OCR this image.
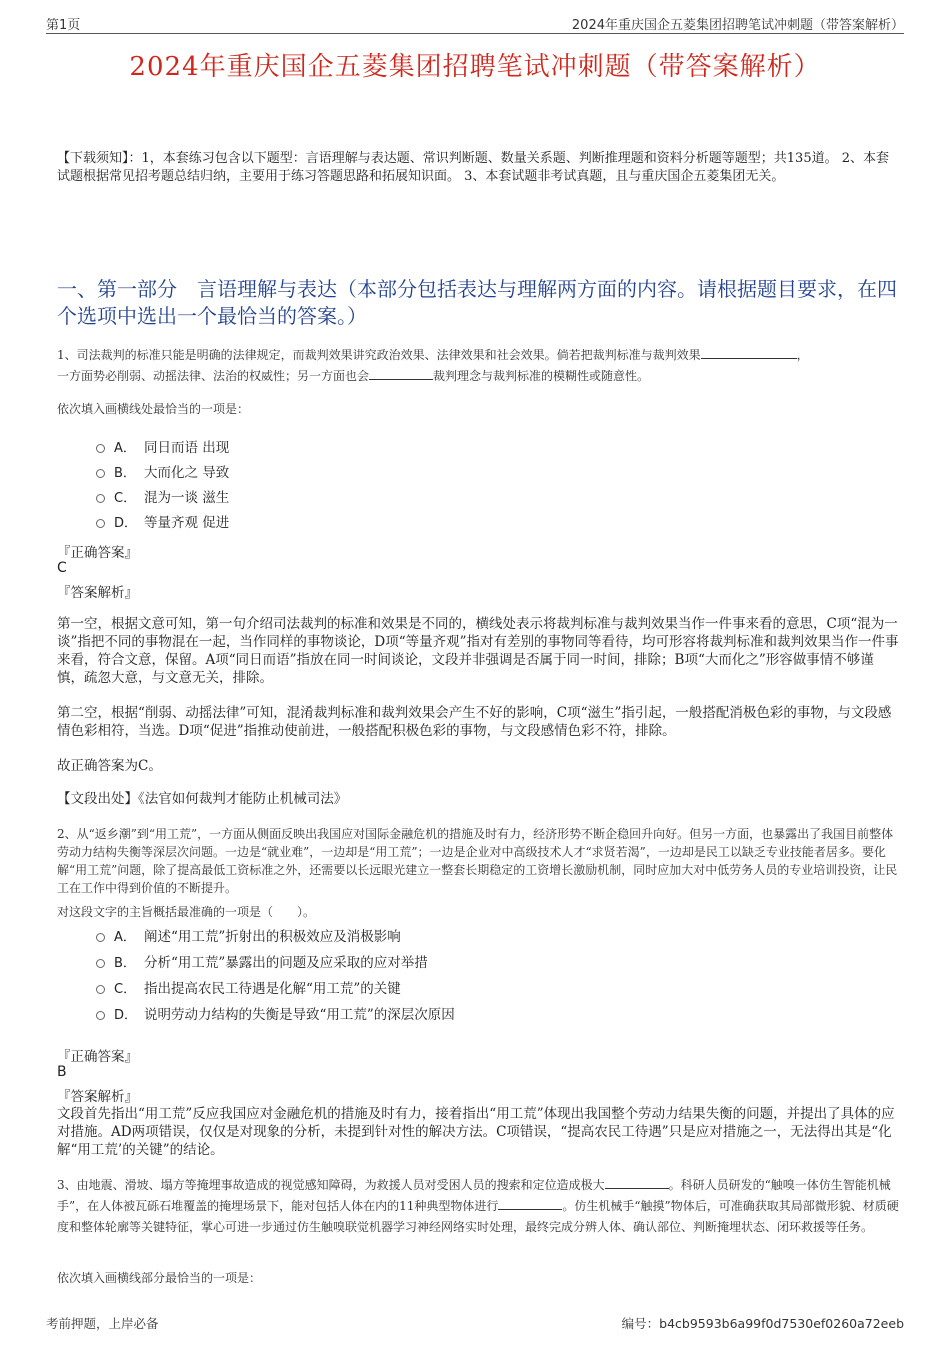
第1页	2024年重庆国企五菱集团招聘笔试冲刺题（带答案解析）
2024年重庆国企五菱集团招聘笔试冲刺题（带答案解析）
【下载须知】：1，本套练习包含以下题型：言语理解与表达题、常识判断题、数量关系题、判断推理题和资料分析题等题型；共135道。 2、本套试题根据常见招考题总结归纳，主要用于练习答题思路和拓展知识面。 3、本套试题非考试真题，且与重庆国企五菱集团无关。
一、第一部分　言语理解与表达（本部分包括表达与理解两方面的内容。请根据题目要求，在四个选项中选出一个最恰当的答案。）
1、司法裁判的标准只能是明确的法律规定，而裁判效果讲究政治效果、法律效果和社会效果。倘若把裁判标准与裁判效果	，
一方面势必削弱、动摇法律、法治的权威性；另一方面也会	裁判理念与裁判标准的模糊性或随意性。
依次填入画横线处最恰当的一项是：
A． 同日而语 出现
B． 大而化之 导致
C． 混为一谈 滋生
D． 等量齐观 促进
『正确答案』
C
『答案解析』
第一空，根据文意可知，第一句介绍司法裁判的标准和效果是不同的，横线处表示将裁判标准与裁判效果当作一件事来看的意思，C项“混为一谈”指把不同的事物混在一起，当作同样的事物谈论，D项“等量齐观”指对有差别的事物同等看待，均可形容将裁判标准和裁判效果当作一件事来看，符合文意，保留。A项“同日而语”指放在同一时间谈论，文段并非强调是否属于同一时间，排除；B项“大而化之”形容做事情不够谨慎，疏忽大意，与文意无关，排除。
第二空，根据“削弱、动摇法律”可知，混淆裁判标准和裁判效果会产生不好的影响，C项“滋生”指引起，一般搭配消极色彩的事物，与文段感情色彩相符，当选。D项“促进”指推动使前进，一般搭配积极色彩的事物，与文段感情色彩不符，排除。
故正确答案为C。
【文段出处】《法官如何裁判才能防止机械司法》
2、从“返乡潮”到“用工荒”，一方面从侧面反映出我国应对国际金融危机的措施及时有力，经济形势不断企稳回升向好。但另一方面，也暴露出了我国目前整体劳动力结构失衡等深层次问题。一边是“就业难”，一边却是“用工荒”；一边是企业对中高级技术人才“求贤若渴”，一边却是民工以缺乏专业技能者居多。要化解“用工荒”问题，除了提高最低工资标准之外，还需要以长远眼光建立一整套长期稳定的工资增长激励机制，同时应加大对中低劳务人员的专业培训投资，让民工在工作中得到价值的不断提升。
对这段文字的主旨概括最准确的一项是（　　）。
A． 阐述“用工荒”折射出的积极效应及消极影响
B． 分析“用工荒”暴露出的问题及应采取的应对举措
C． 指出提高农民工待遇是化解“用工荒”的关键
D． 说明劳动力结构的失衡是导致“用工荒”的深层次原因
『正确答案』
B
『答案解析』
文段首先指出“用工荒”反应我国应对金融危机的措施及时有力，接着指出“用工荒”体现出我国整个劳动力结果失衡的问题，并提出了具体的应对措施。AD两项错误，仅仅是对现象的分析，未提到针对性的解决方法。C项错误，“提高农民工待遇”只是应对措施之一，无法得出其是“化解“用工荒’的关键”的结论。
3、由地震、滑坡、塌方等掩埋事故造成的视觉感知障碍，为救援人员对受困人员的搜索和定位造成极大	。科研人员研发的“触嗅一体仿生智能机械手”，在人体被瓦砾石堆覆盖的掩埋场景下，能对包括人体在内的11种典型物体进行	。仿生机械手“触摸”物体后，可准确获取其局部微形貌、材质硬度和整体轮廓等关键特征，掌心可进一步通过仿生触嗅联觉机器学习神经网络实时处理，最终完成分辨人体、确认部位、判断掩埋状态、闭环救援等任务。
依次填入画横线部分最恰当的一项是：
考前押题，上岸必备	编号：b4cb9593b6a99f0d7530ef0260a72eeb
